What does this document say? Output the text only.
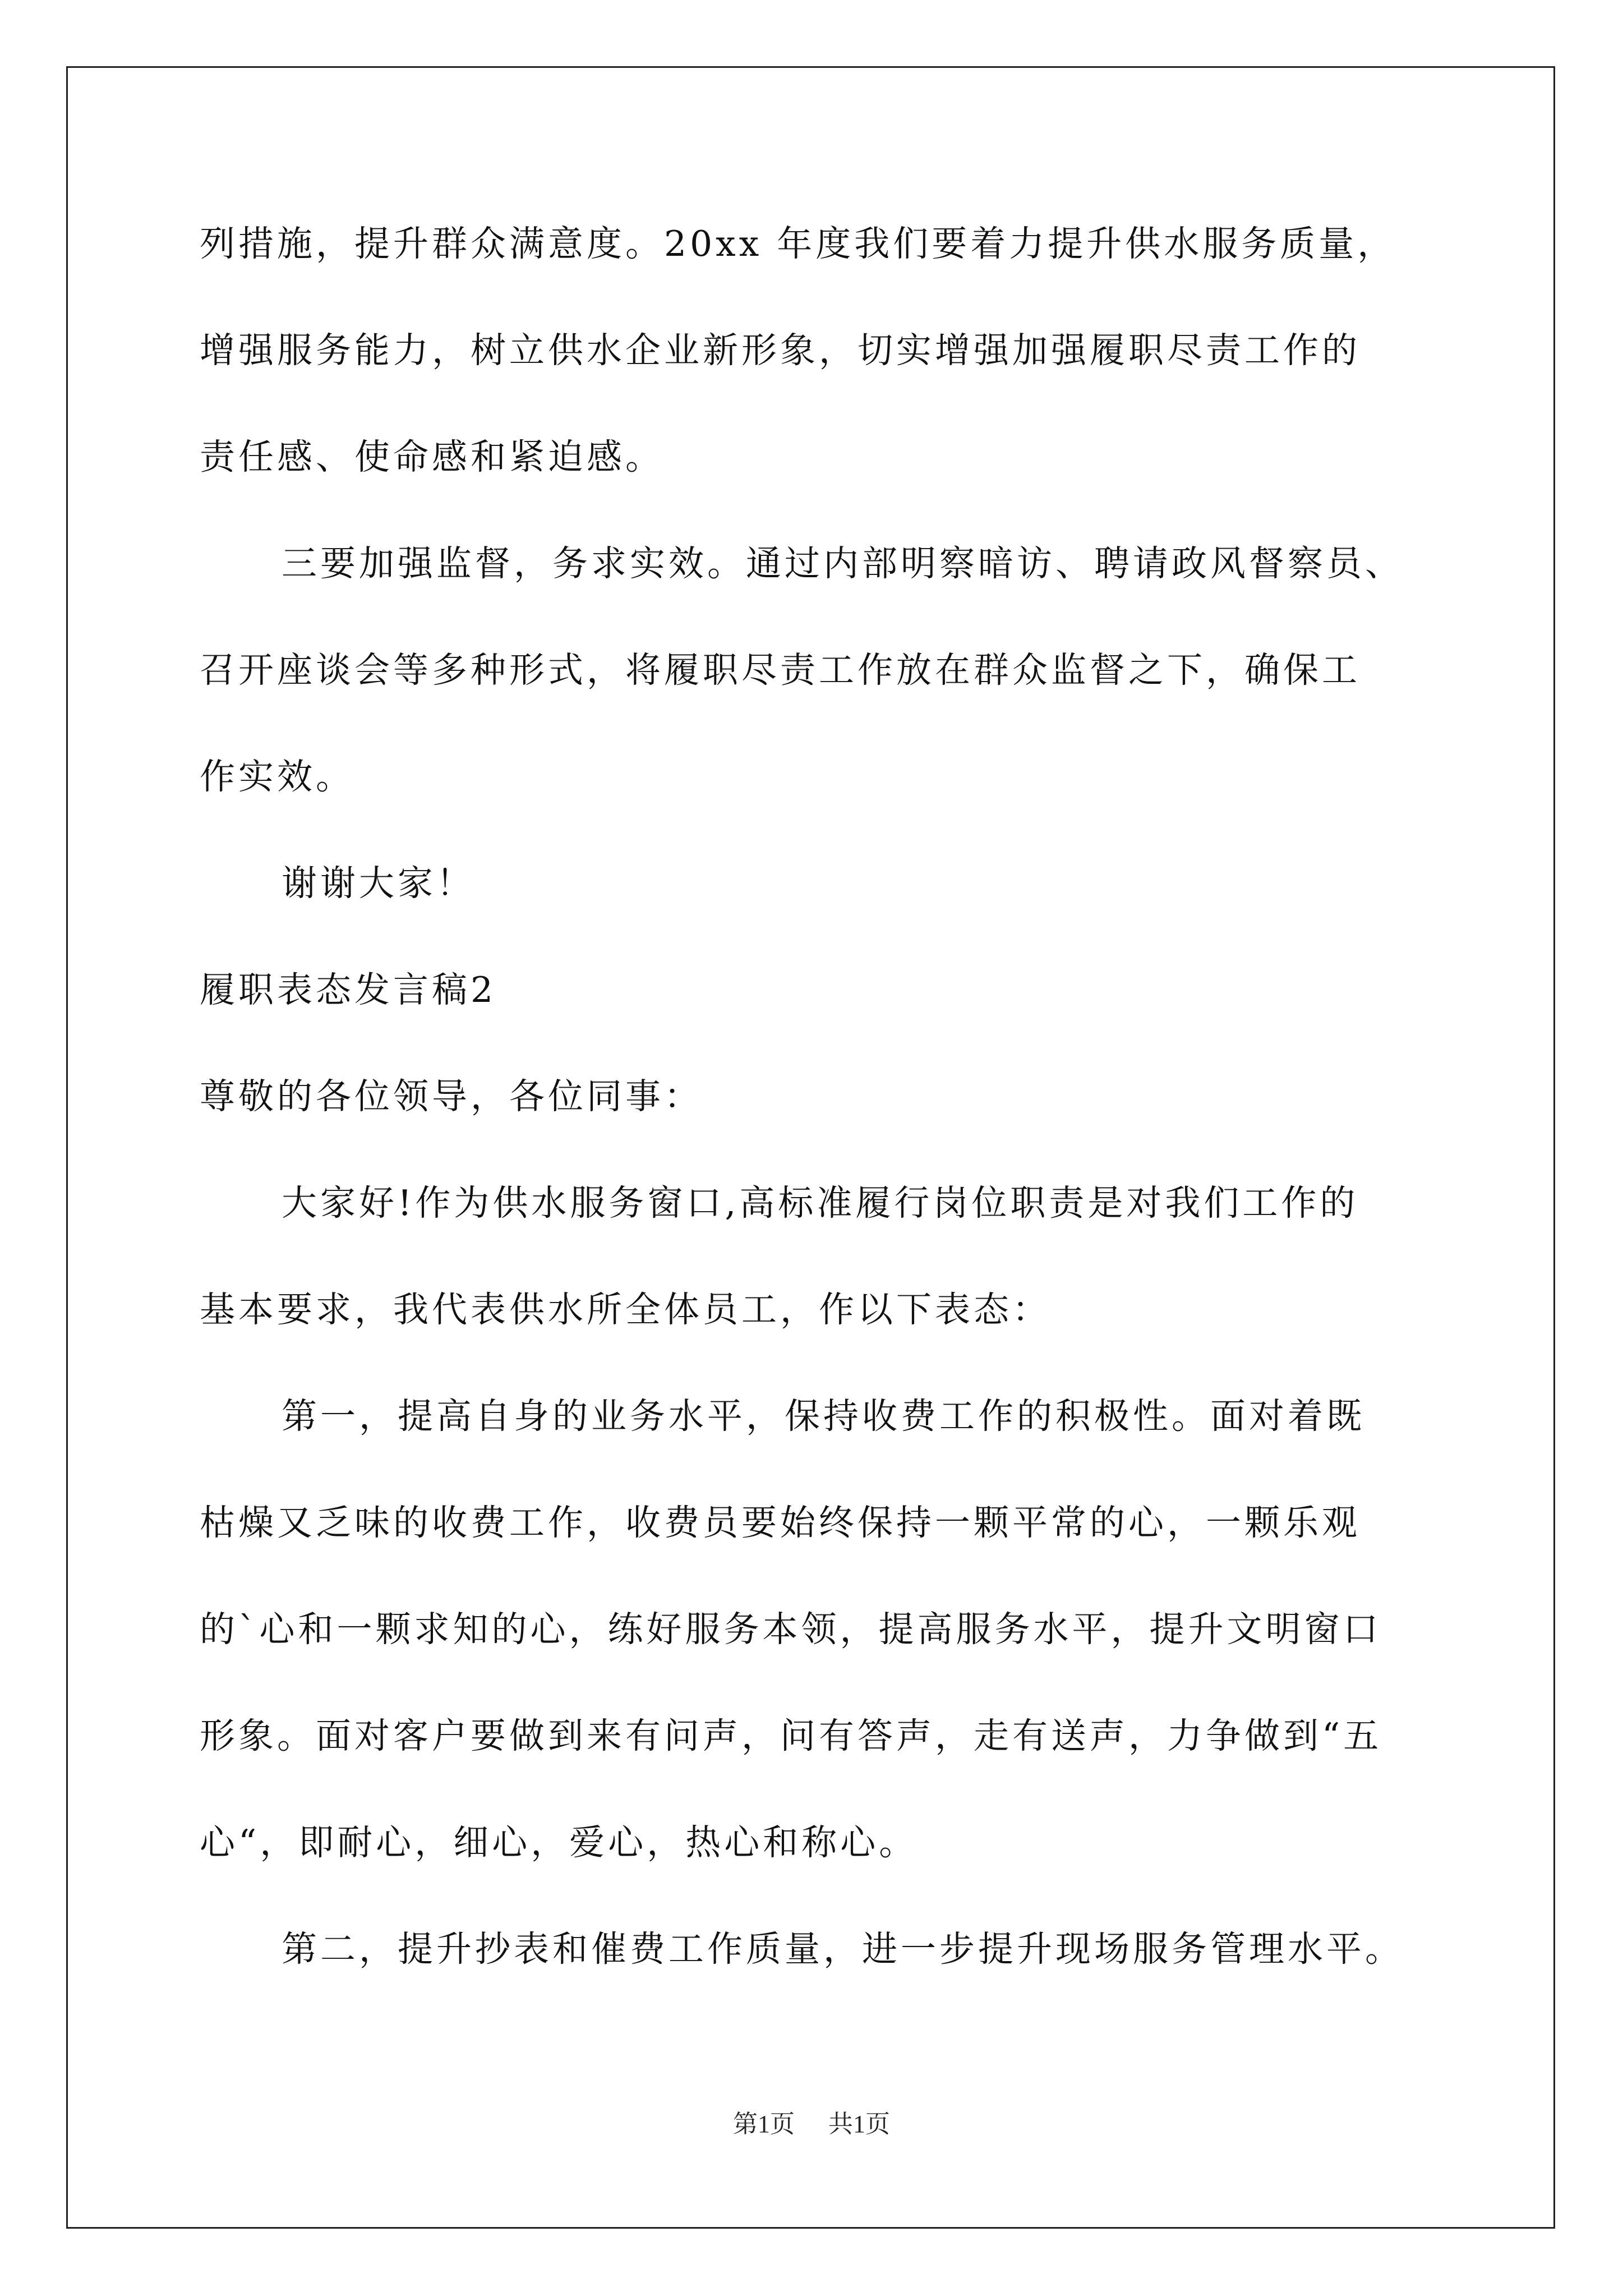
列措施，提升群众满意度。20xx 年度我们要着力提升供水服务质量，
增强服务能力，树立供水企业新形象，切实增强加强履职尽责工作的
责任感、使命感和紧迫感。
三要加强监督，务求实效。通过内部明察暗访、聘请政风督察员、
召开座谈会等多种形式，将履职尽责工作放在群众监督之下，确保工
作实效。
谢谢大家！
履职表态发言稿2
尊敬的各位领导，各位同事：
大家好!作为供水服务窗口,高标准履行岗位职责是对我们工作的
基本要求，我代表供水所全体员工，作以下表态：
第一，提高自身的业务水平，保持收费工作的积极性。面对着既
枯燥又乏味的收费工作，收费员要始终保持一颗平常的心，一颗乐观
的`心和一颗求知的心，练好服务本领，提高服务水平，提升文明窗口
形象。面对客户要做到来有问声，问有答声，走有送声，力争做到“五
心“，即耐心，细心，爱心，热心和称心。
第二，提升抄表和催费工作质量，进一步提升现场服务管理水平。
第1页 共1页
